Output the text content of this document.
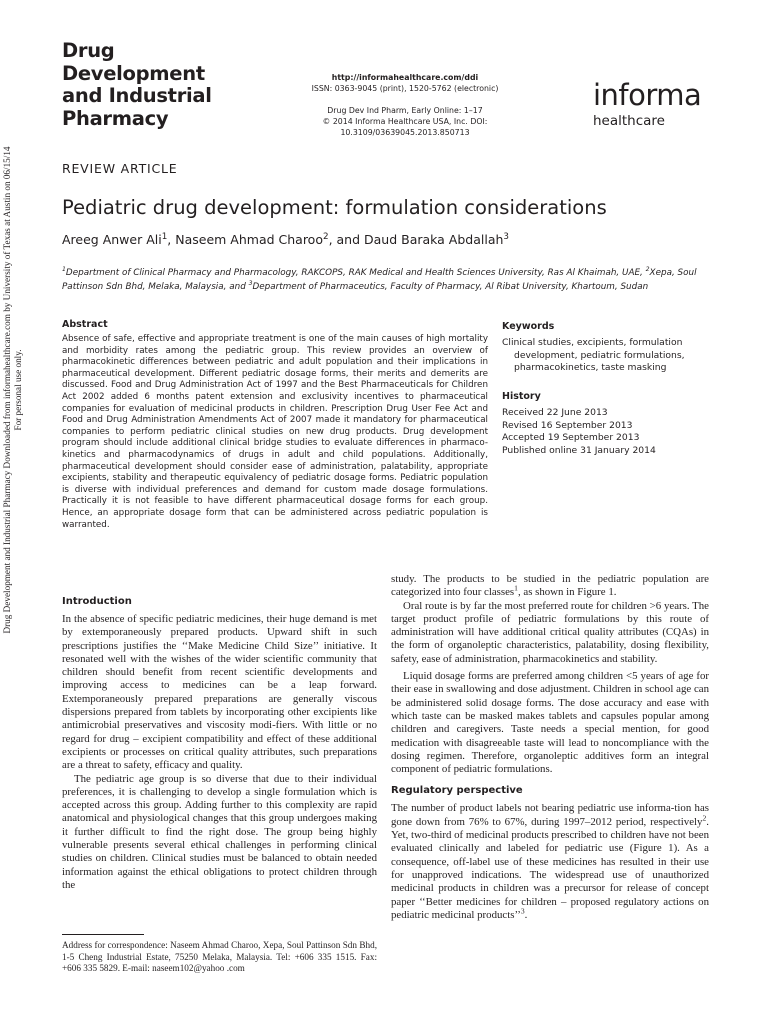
Drug Development and Industrial Pharmacy Downloaded from informahealthcare.com by University of Texas at Austin on 06/15/14 For personal use only.
Drug
Development
and Industrial
Pharmacy
http://informahealthcare.com/ddi
ISSN: 0363-9045 (print), 1520-5762 (electronic)
Drug Dev Ind Pharm, Early Online: 1–17
© 2014 Informa Healthcare USA, Inc. DOI: 10.3109/03639045.2013.850713
informa
healthcare
REVIEW ARTICLE
Pediatric drug development: formulation considerations
Areeg Anwer Ali$^1$, Naseem Ahmad Charoo$^2$, and Daud Baraka Abdallah$^3$
$^1$Department of Clinical Pharmacy and Pharmacology, RAKCOPS, RAK Medical and Health Sciences University, Ras Al Khaimah, UAE, $^2$Xepa, Soul Pattinson Sdn Bhd, Melaka, Malaysia, and $^3$Department of Pharmaceutics, Faculty of Pharmacy, Al Ribat University, Khartoum, Sudan
Abstract
Absence of safe, effective and appropriate treatment is one of the main causes of high mortality and morbidity rates among the pediatric group. This review provides an overview of pharmacokinetic differences between pediatric and adult population and their implications in pharmaceutical development. Different pediatric dosage forms, their merits and demerits are discussed. Food and Drug Administration Act of 1997 and the Best Pharmaceuticals for Children Act 2002 added 6 months patent extension and exclusivity incentives to pharmaceutical companies for evaluation of medicinal products in children. Prescription Drug User Fee Act and Food and Drug Administration Amendments Act of 2007 made it mandatory for pharmaceutical companies to perform pediatric clinical studies on new drug products. Drug development program should include additional clinical bridge studies to evaluate differences in pharmaco-kinetics and pharmacodynamics of drugs in adult and child populations. Additionally, pharmaceutical development should consider ease of administration, palatability, appropriate excipients, stability and therapeutic equivalency of pediatric dosage forms. Pediatric population is diverse with individual preferences and demand for custom made dosage formulations. Practically it is not feasible to have different pharmaceutical dosage forms for each group. Hence, an appropriate dosage form that can be administered across pediatric population is warranted.
Keywords
Clinical studies, excipients, formulation
development, pediatric formulations,
pharmacokinetics, taste masking
History
Received 22 June 2013
Revised 16 September 2013
Accepted 19 September 2013
Published online 31 January 2014
Introduction

In the absence of specific pediatric medicines, their huge demand is met by extemporaneously prepared products. Upward shift in such prescriptions justifies the ‘‘Make Medicine Child Size’’ initiative. It resonated well with the wishes of the wider scientific community that children should benefit from recent scientific developments and improving access to medicines can be a leap forward. Extemporaneously prepared preparations are generally viscous dispersions prepared from tablets by incorporating other excipients like antimicrobial preservatives and viscosity modi-fiers. With little or no regard for drug – excipient compatibility and effect of these additional excipients or processes on critical quality attributes, such preparations are a threat to safety, efficacy and quality.

The pediatric age group is so diverse that due to their individual preferences, it is challenging to develop a single formulation which is accepted across this group. Adding further to this complexity are rapid anatomical and physiological changes that this group undergoes making it further difficult to find the right dose. The group being highly vulnerable presents several ethical challenges in performing clinical studies on children. Clinical studies must be balanced to obtain needed information against the ethical obligations to protect children through the

study. The products to be studied in the pediatric population are categorized into four classes$^1$, as shown in Figure 1.

Oral route is by far the most preferred route for children >6 years. The target product profile of pediatric formulations by this route of administration will have additional critical quality attributes (CQAs) in the form of organoleptic characteristics, palatability, dosing flexibility, safety, ease of administration, pharmacokinetics and stability.

Liquid dosage forms are preferred among children <5 years of age for their ease in swallowing and dose adjustment. Children in school age can be administered solid dosage forms. The dose accuracy and ease with which taste can be masked makes tablets and capsules popular among children and caregivers. Taste needs a special mention, for good medication with disagreeable taste will lead to noncompliance with the dosing regimen. Therefore, organoleptic additives form an integral component of pediatric formulations.

Regulatory perspective

The number of product labels not bearing pediatric use informa-tion has gone down from 76% to 67%, during 1997–2012 period, respectively$^2$. Yet, two-third of medicinal products prescribed to children have not been evaluated clinically and labeled for pediatric use (Figure 1). As a consequence, off-label use of these medicines has resulted in their use for unapproved indications. The widespread use of unauthorized medicinal products in children was a precursor for release of concept paper ‘‘Better medicines for children – proposed regulatory actions on pediatric medicinal products’’$^3$.

Address for correspondence: Naseem Ahmad Charoo, Xepa, Soul Pattinson Sdn Bhd, 1-5 Cheng Industrial Estate, 75250 Melaka, Malaysia. Tel: +606 335 1515. Fax: +606 335 5829. E-mail: naseem102@yahoo .com
